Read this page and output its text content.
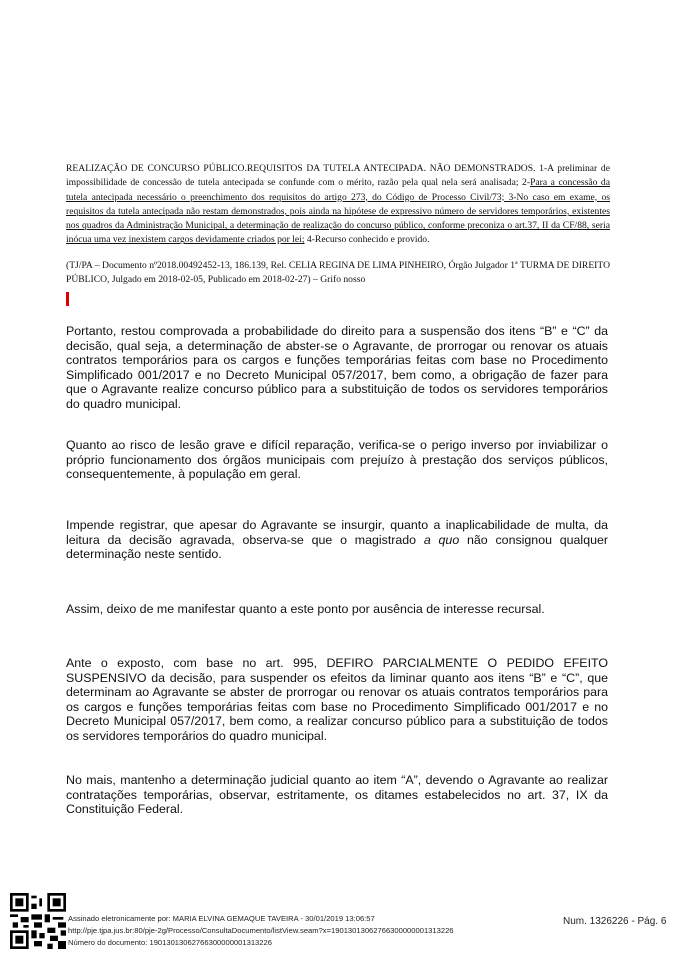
REALIZAÇÃO DE CONCURSO PÚBLICO.REQUISITOS DA TUTELA ANTECIPADA. NÃO DEMONSTRADOS. 1-A preliminar de impossibilidade de concessão de tutela antecipada se confunde com o mérito, razão pela qual nela será analisada; 2-Para a concessão da tutela antecipada necessário o preenchimento dos requisitos do artigo 273, do Código de Processo Civil/73; 3-No caso em exame, os requisitos da tutela antecipada não restam demonstrados, pois ainda na hipótese de expressivo número de servidores temporários, existentes nos quadros da Administração Municipal, a determinação de realização do concurso público, conforme preconiza o art.37, II da CF/88, seria inócua uma vez inexistem cargos devidamente criados por lei; 4-Recurso conhecido e provido.
(TJ/PA – Documento nº2018.00492452-13, 186.139, Rel. CELIA REGINA DE LIMA PINHEIRO, Órgão Julgador 1ª TURMA DE DIREITO PÚBLICO, Julgado em 2018-02-05, Publicado em 2018-02-27) – Grifo nosso

Portanto, restou comprovada a probabilidade do direito para a suspensão dos itens “B” e “C” da decisão, qual seja, a determinação de abster-se o Agravante, de prorrogar ou renovar os atuais contratos temporários para os cargos e funções temporárias feitas com base no Procedimento Simplificado 001/2017 e no Decreto Municipal 057/2017, bem como, a obrigação de fazer para que o Agravante realize concurso público para a substituição de todos os servidores temporários do quadro municipal.

Quanto ao risco de lesão grave e difícil reparação, verifica-se o perigo inverso por inviabilizar o próprio funcionamento dos órgãos municipais com prejuízo à prestação dos serviços públicos, consequentemente, à população em geral.

Impende registrar, que apesar do Agravante se insurgir, quanto a inaplicabilidade de multa, da leitura da decisão agravada, observa-se que o magistrado a quo não consignou qualquer determinação neste sentido.

Assim, deixo de me manifestar quanto a este ponto por ausência de interesse recursal.

Ante o exposto, com base no art. 995, DEFIRO PARCIALMENTE O PEDIDO EFEITO SUSPENSIVO da decisão, para suspender os efeitos da liminar quanto aos itens “B” e “C”, que determinam ao Agravante se abster de prorrogar ou renovar os atuais contratos temporários para os cargos e funções temporárias feitas com base no Procedimento Simplificado 001/2017 e no Decreto Municipal 057/2017, bem como, a realizar concurso público para a substituição de todos os servidores temporários do quadro municipal.

No mais, mantenho a determinação judicial quanto ao item “A”, devendo o Agravante ao realizar contratações temporárias, observar, estritamente, os ditames estabelecidos no art. 37, IX da Constituição Federal.

Assinado eletronicamente por: MARIA ELVINA GEMAQUE TAVEIRA - 30/01/2019 13:06:57
http://pje.tjpa.jus.br:80/pje-2g/Processo/ConsultaDocumento/listView.seam?x=19013013062766300000001313226
Número do documento: 19013013062766300000001313226
Num. 1326226 - Pág. 6
